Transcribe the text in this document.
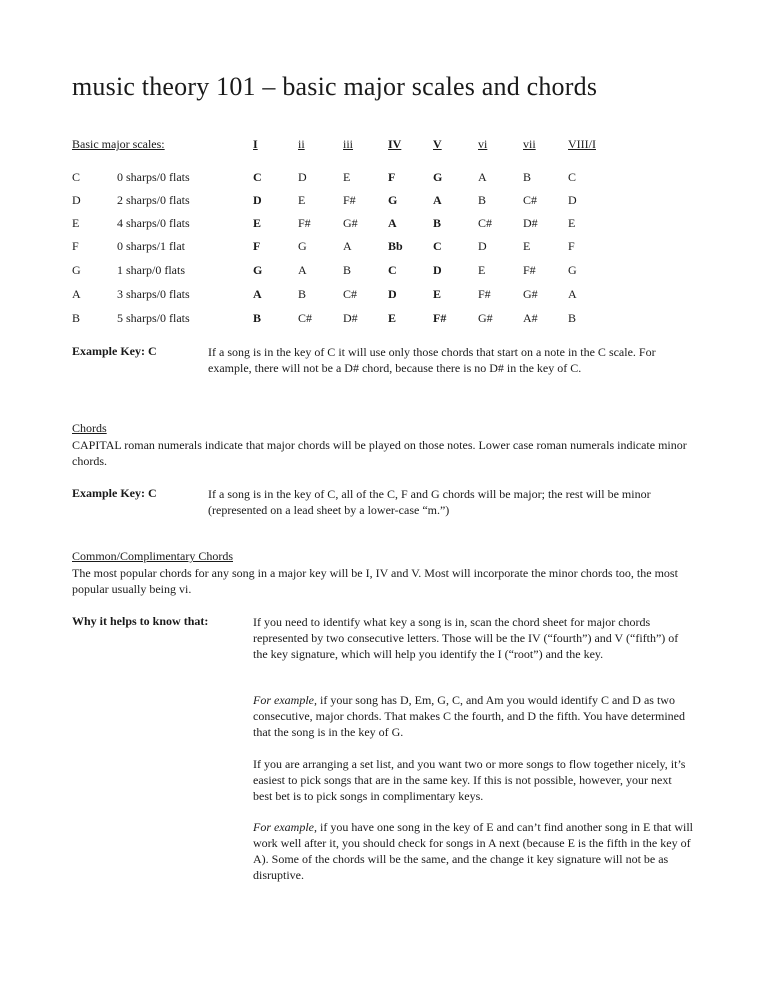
music theory 101 – basic major scales and chords
Basic major scales:	I	ii	iii	IV	V	vi	vii	VIII/I
C	0 sharps/0 flats	C	D	E	F	G	A	B	C
D	2 sharps/0 flats	D	E	F#	G	A	B	C#	D
E	4 sharps/0 flats	E	F#	G#	A	B	C#	D#	E
F	0 sharps/1 flat	F	G	A	Bb	C	D	E	F
G	1 sharp/0 flats	G	A	B	C	D	E	F#	G
A	3 sharps/0 flats	A	B	C#	D	E	F#	G#	A
B	5 sharps/0 flats	B	C#	D#	E	F#	G#	A#	B
Example Key: C	If a song is in the key of C it will use only those chords that start on a note in the C scale. For example, there will not be a D# chord, because there is no D# in the key of C.
Chords
CAPITAL roman numerals indicate that major chords will be played on those notes. Lower case roman numerals indicate minor chords.
Example Key: C	If a song is in the key of C, all of the C, F and G chords will be major; the rest will be minor (represented on a lead sheet by a lower-case “m.”)
Common/Complimentary Chords
The most popular chords for any song in a major key will be I, IV and V. Most will incorporate the minor chords too, the most popular usually being vi.
Why it helps to know that:	If you need to identify what key a song is in, scan the chord sheet for major chords represented by two consecutive letters. Those will be the IV (“fourth”) and V (“fifth”) of the key signature, which will help you identify the I (“root”) and the key.
For example, if your song has D, Em, G, C, and Am you would identify C and D as two consecutive, major chords. That makes C the fourth, and D the fifth. You have determined that the song is in the key of G.
If you are arranging a set list, and you want two or more songs to flow together nicely, it’s easiest to pick songs that are in the same key. If this is not possible, however, your next best bet is to pick songs in complimentary keys.
For example, if you have one song in the key of E and can’t find another song in E that will work well after it, you should check for songs in A next (because E is the fifth in the key of A). Some of the chords will be the same, and the change it key signature will not be as disruptive.
